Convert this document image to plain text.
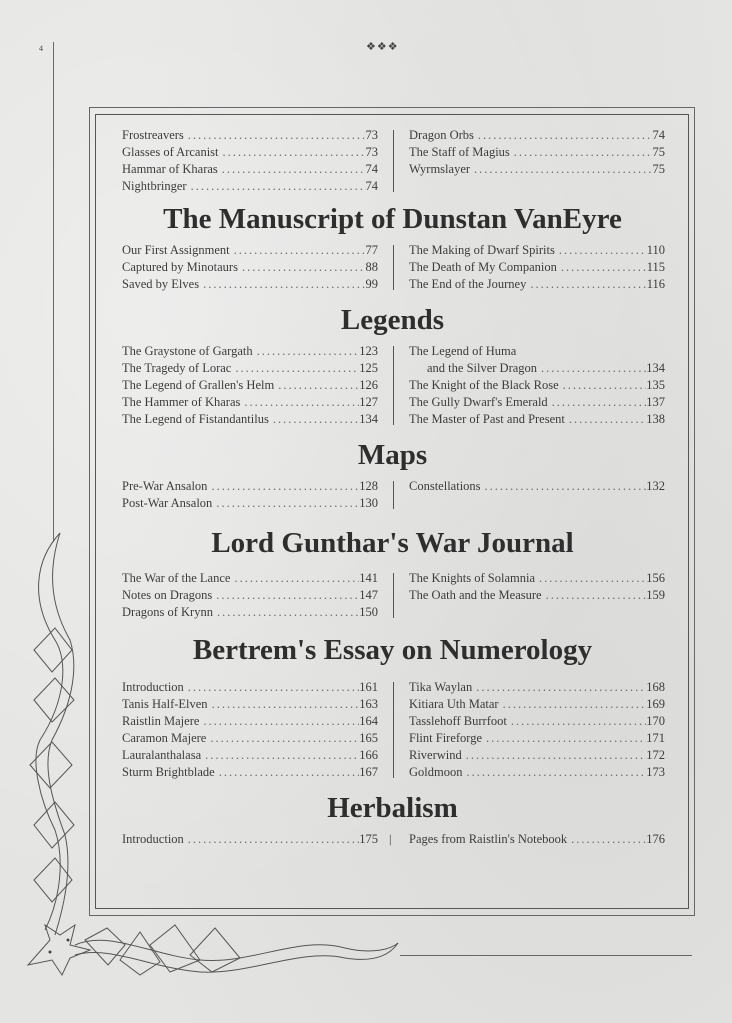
4	❖❖❖
Frostreavers .....	73
Glasses of Arcanist .....	73
Hammar of Kharas .....	74
Nightbringer .....	74
Dragon Orbs .....	74
The Staff of Magius .....	75
Wyrmslayer .....	75
The Manuscript of Dunstan VanEyre
Our First Assignment .....	77
Captured by Minotaurs .....	88
Saved by Elves .....	99
The Making of Dwarf Spirits .....	110
The Death of My Companion .....	115
The End of the Journey .....	116
Legends
The Graystone of Gargath .....	123
The Tragedy of Lorac .....	125
The Legend of Grallen's Helm .....	126
The Hammer of Kharas .....	127
The Legend of Fistandantilus .....	134
The Legend of Huma
and the Silver Dragon .....	134
The Knight of the Black Rose .....	135
The Gully Dwarf's Emerald .....	137
The Master of Past and Present .....	138
Maps
Pre-War Ansalon .....	128
Post-War Ansalon .....	130
Constellations .....	132
Lord Gunthar's War Journal
The War of the Lance .....	141
Notes on Dragons .....	147
Dragons of Krynn .....	150
The Knights of Solamnia .....	156
The Oath and the Measure .....	159
Bertrem's Essay on Numerology
Introduction .....	161
Tanis Half-Elven .....	163
Raistlin Majere .....	164
Caramon Majere .....	165
Lauralanthalasa .....	166
Sturm Brightblade .....	167
Tika Waylan .....	168
Kitiara Uth Matar .....	169
Tasslehoff Burrfoot .....	170
Flint Fireforge .....	171
Riverwind .....	172
Goldmoon .....	173
Herbalism
Introduction .....	175 | Pages from Raistlin's Notebook .....	176
